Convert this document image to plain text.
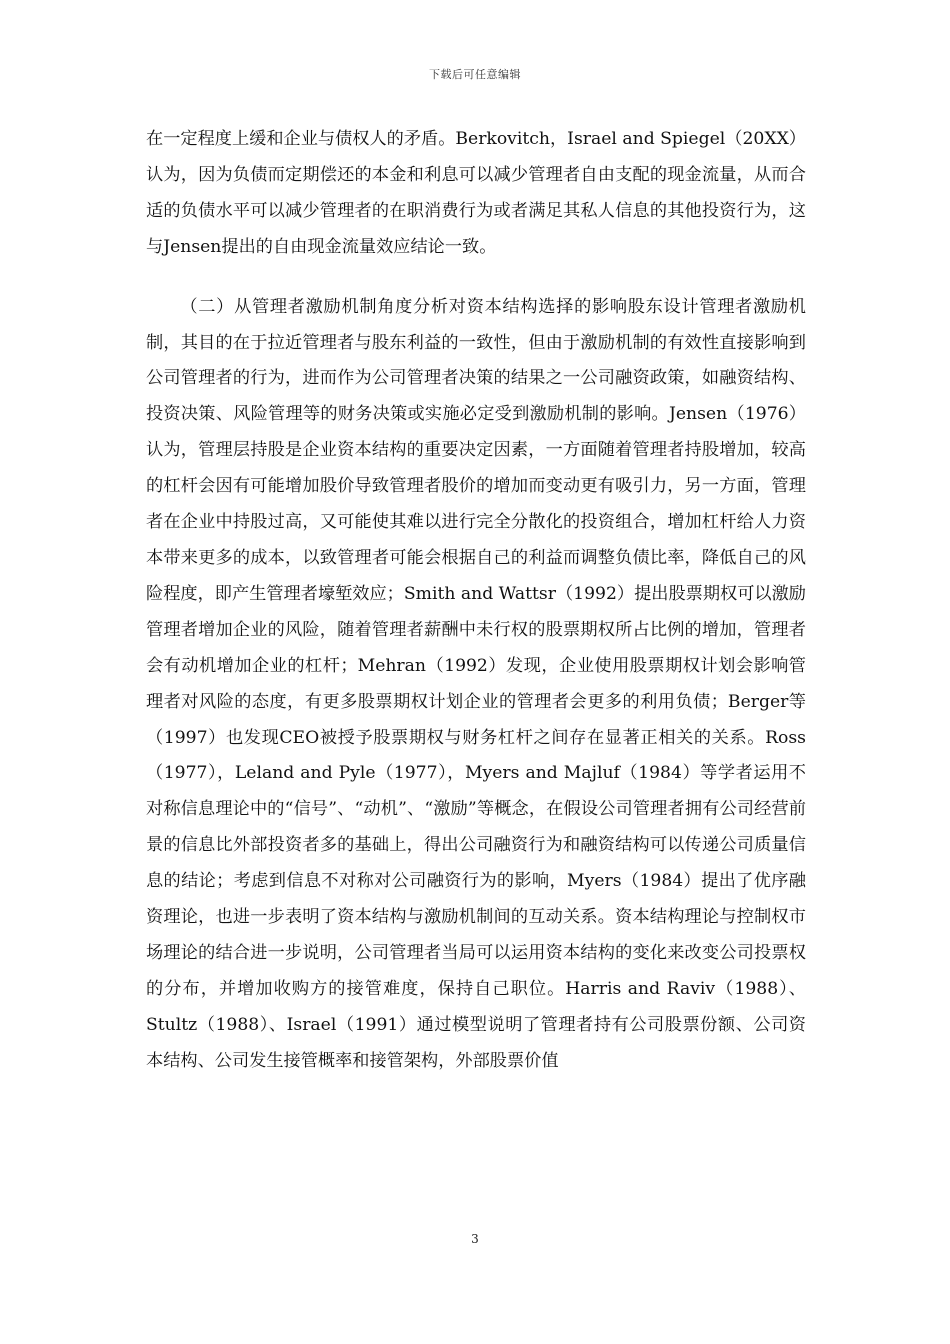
下载后可任意编辑

在一定程度上缓和企业与债权人的矛盾。Berkovitch，Israel and Spiegel（20XX）认为，因为负债而定期偿还的本金和利息可以减少管理者自由支配的现金流量，从而合适的负债水平可以减少管理者的在职消费行为或者满足其私人信息的其他投资行为，这与Jensen提出的自由现金流量效应结论一致。

（二）从管理者激励机制角度分析对资本结构选择的影响股东设计管理者激励机制，其目的在于拉近管理者与股东利益的一致性，但由于激励机制的有效性直接影响到公司管理者的行为，进而作为公司管理者决策的结果之一公司融资政策，如融资结构、投资决策、风险管理等的财务决策或实施必定受到激励机制的影响。Jensen（1976）认为，管理层持股是企业资本结构的重要决定因素，一方面随着管理者持股增加，较高的杠杆会因有可能增加股价导致管理者股价的增加而变动更有吸引力，另一方面，管理者在企业中持股过高，又可能使其难以进行完全分散化的投资组合，增加杠杆给人力资本带来更多的成本，以致管理者可能会根据自己的利益而调整负债比率，降低自己的风险程度，即产生管理者壕堑效应；Smith and Wattsr（1992）提出股票期权可以激励管理者增加企业的风险，随着管理者薪酬中未行权的股票期权所占比例的增加，管理者会有动机增加企业的杠杆；Mehran（1992）发现，企业使用股票期权计划会影响管理者对风险的态度，有更多股票期权计划企业的管理者会更多的利用负债；Berger等（1997）也发现CEO被授予股票期权与财务杠杆之间存在显著正相关的关系。Ross（1977），Leland and Pyle（1977），Myers and Majluf（1984）等学者运用不对称信息理论中的“信号”、“动机”、“激励”等概念，在假设公司管理者拥有公司经营前景的信息比外部投资者多的基础上，得出公司融资行为和融资结构可以传递公司质量信息的结论；考虑到信息不对称对公司融资行为的影响，Myers（1984）提出了优序融资理论，也进一步表明了资本结构与激励机制间的互动关系。资本结构理论与控制权市场理论的结合进一步说明，公司管理者当局可以运用资本结构的变化来改变公司投票权的分布，并增加收购方的接管难度，保持自己职位。Harris and Raviv（1988）、Stultz（1988）、Israel（1991）通过模型说明了管理者持有公司股票份额、公司资本结构、公司发生接管概率和接管架构，外部股票价值

3
